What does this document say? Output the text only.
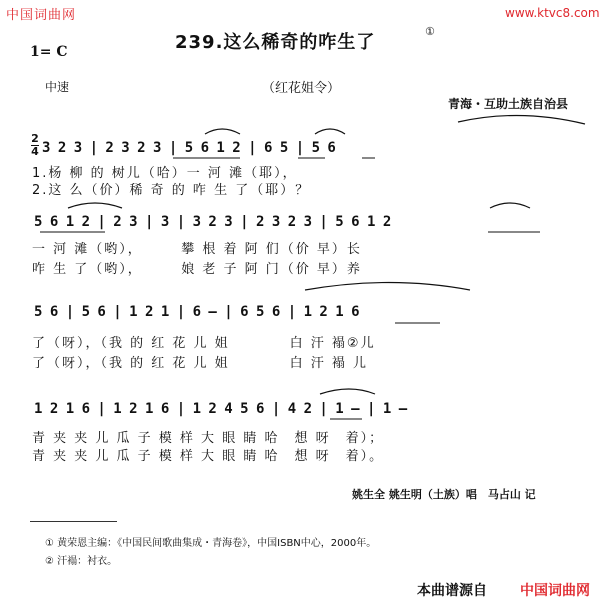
中国词曲网	www.ktvc8.com
239.这么稀奇的咋生了
①
1= C
中速	（红花姐令）
青海・互助土族自治县
2
4 3 2 3 | 2 3 2 3 | 5 6 1 2 | 6 5 | 5 6
1.杨 柳 的 树儿（哈）一 河 滩（耶），
2.这 么（价）稀 奇 的 咋 生 了（耶）？
5 6 1 2 | 2 3 | 3 | 3 2 3 | 2 3 2 3 | 5 6 1 2
一 河 滩（哟），　　　攀 根 着 阿 们（价 早）长
咋 生 了（哟），　　　娘 老 子 阿 门（价 早）养
5 6 | 5 6 | 1 2 1 | 6 — | 6 5 6 | 1 2 1 6
了（呀），（我 的 红 花 儿 姐　　　　白 汗 褟②儿
了（呀），（我 的 红 花 儿 姐　　　　白 汗 褟 儿
1 2 1 6 | 1 2 1 6 | 1 2 4 5 6 | 4 2 | 1 — | 1 —
青 夹 夹 儿 瓜 子 模 样 大 眼 睛 哈　想 呀　着）；
青 夹 夹 儿 瓜 子 模 样 大 眼 睛 哈　想 呀　着）。
姚生全 姚生明（土族）唱　马占山 记
① 黄荣恩主编：《中国民间歌曲集成・青海卷》，中国ISBN中心，2000年。
② 汗褟：衬衣。
本曲谱源自 中国词曲网
